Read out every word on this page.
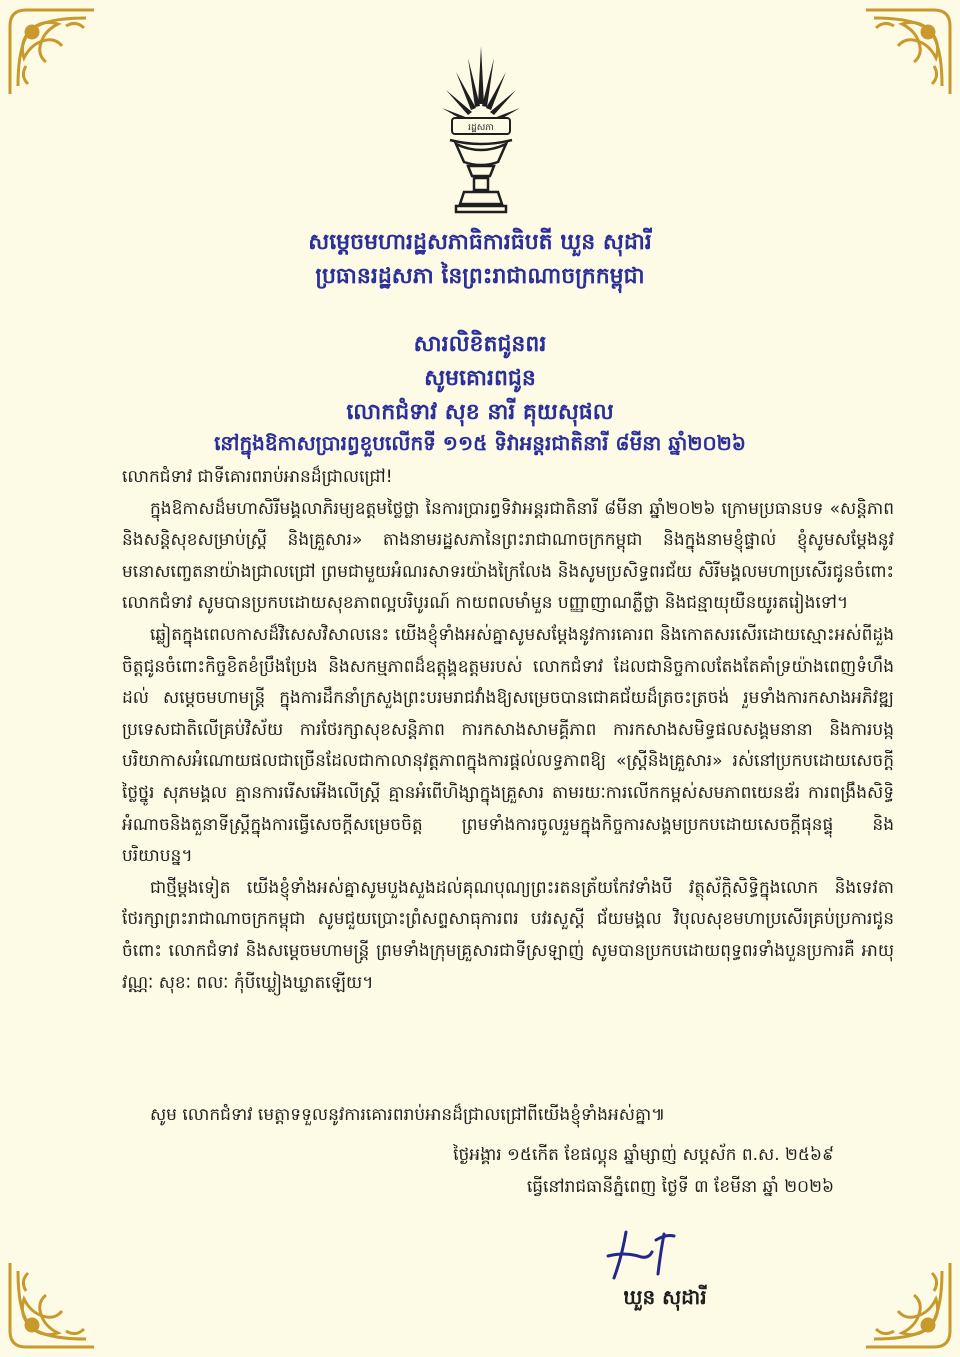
រដ្ឋសភា
សម្តេចមហារដ្ឋសភាធិការធិបតី ឃួន សុដារី
ប្រធានរដ្ឋសភា នៃព្រះរាជាណាចក្រកម្ពុជា
សារលិខិតជូនពរ
សូមគោរពជូន
លោកជំទាវ សុខ នារី គុយសុផល
នៅក្នុងឱកាសប្រារព្ធខួបលើកទី ១១៥ ទិវាអន្តរជាតិនារី ៨មីនា ឆ្នាំ២០២៦

លោកជំទាវ ជាទីគោរពរាប់អានដ៏ជ្រាលជ្រៅ!

ក្នុងឱកាសដ៏មហាសិរីមង្គលាភិរម្យឧត្តមថ្លៃថ្លា នៃការប្រារព្ធទិវាអន្តរជាតិនារី ៨មីនា ឆ្នាំ២០២៦ ក្រោមប្រធានបទ «សន្តិភាព និងសន្តិសុខសម្រាប់ស្ត្រី និងគ្រួសារ» តាងនាមរដ្ឋសភានៃព្រះរាជាណាចក្រកម្ពុជា និងក្នុងនាមខ្ញុំផ្ទាល់ ខ្ញុំសូមសម្តែងនូវមនោសញ្ចេតនាយ៉ាងជ្រាលជ្រៅ ព្រមជាមួយអំណរសាទរយ៉ាងក្រៃលែង និងសូមប្រសិទ្ធពរជ័យ សិរីមង្គលមហាប្រសើរជូនចំពោះ លោកជំទាវ សូមបានប្រកបដោយសុខភាពល្អបរិបូរណ៍ កាយពលមាំមួន បញ្ញាញាណភ្លឺថ្លា និងជន្មាយុយឺនយូរតរៀងទៅ។

ឆ្លៀតក្នុងពេលកាសដ៏វិសេសវិសាលនេះ យើងខ្ញុំទាំងអស់គ្នាសូមសម្តែងនូវការគោរព និងកោតសរសើរដោយស្មោះអស់ពីដួងចិត្តជូនចំពោះកិច្ចខិតខំប្រឹងប្រែង និងសកម្មភាពដ៏ឧត្តុង្គឧត្តមរបស់ លោកជំទាវ ដែលជានិច្ចកាលតែងតែគាំទ្រយ៉ាងពេញទំហឹងដល់ សម្តេចមហាមន្ត្រី ក្នុងការដឹកនាំក្រសួងព្រះបរមរាជវាំងឱ្យសម្រេចបានជោគជ័យដ៏ត្រចះត្រចង់ រួមទាំងការកសាងអភិវឌ្ឍប្រទេសជាតិលើគ្រប់វិស័យ ការថែរក្សាសុខសន្តិភាព ការកសាងសាមគ្គីភាព ការកសាងសមិទ្ធផលសង្គមនានា និងការបង្កបរិយាកាសអំណោយផលជាច្រើនដែលជាកាលានុវត្តភាពក្នុងការផ្តល់លទ្ធភាពឱ្យ «ស្ត្រីនិងគ្រួសារ» រស់នៅប្រកបដោយសេចក្តីថ្លៃថ្នូរ សុភមង្គល គ្មានការរើសអើងលើស្ត្រី គ្មានអំពើហិង្សាក្នុងគ្រួសារ តាមរយៈការលើកកម្ពស់សមភាពយេនឌ័រ ការពង្រឹងសិទ្ធិអំណាចនិងតួនាទីស្ត្រីក្នុងការធ្វើសេចក្តីសម្រេចចិត្ត ព្រមទាំងការចូលរួមក្នុងកិច្ចការសង្គមប្រកបដោយសេចក្តីផុនផ្ទុ និងបរិយាបន្ន។

ជាថ្មីម្តងទៀត យើងខ្ញុំទាំងអស់គ្នាសូមបួងសួងដល់គុណបុណ្យព្រះរតនត្រ័យកែវទាំងបី វត្ថុស័ក្តិសិទ្ធិក្នុងលោក និងទេវតាថែរក្សាព្រះរាជាណាចក្រកម្ពុជា សូមជួយប្រោះព្រំសព្ទសាធុការពរ បវរសួស្តី ជ័យមង្គល វិបុលសុខមហាប្រសើរគ្រប់ប្រការជូនចំពោះ លោកជំទាវ និងសម្តេចមហាមន្ត្រី ព្រមទាំងក្រុមគ្រួសារជាទីស្រឡាញ់ សូមបានប្រកបដោយពុទ្ធពរទាំងបួនប្រការគឺ អាយុ វណ្ណៈ សុខៈ ពលៈ កុំបីឃ្លៀងឃ្លាតឡើយ។

សូម លោកជំទាវ មេត្តាទទួលនូវការគោរពរាប់អានដ៏ជ្រាលជ្រៅពីយើងខ្ញុំទាំងអស់គ្នា៕
ថ្ងៃអង្គារ ១៥កើត ខែផល្គុន ឆ្នាំម្សាញ់ សប្តស័ក ព.ស. ២៥៦៩
ធ្វើនៅរាជធានីភ្នំពេញ ថ្ងៃទី ៣ ខែមីនា ឆ្នាំ ២០២៦
ឃួន សុដារី
